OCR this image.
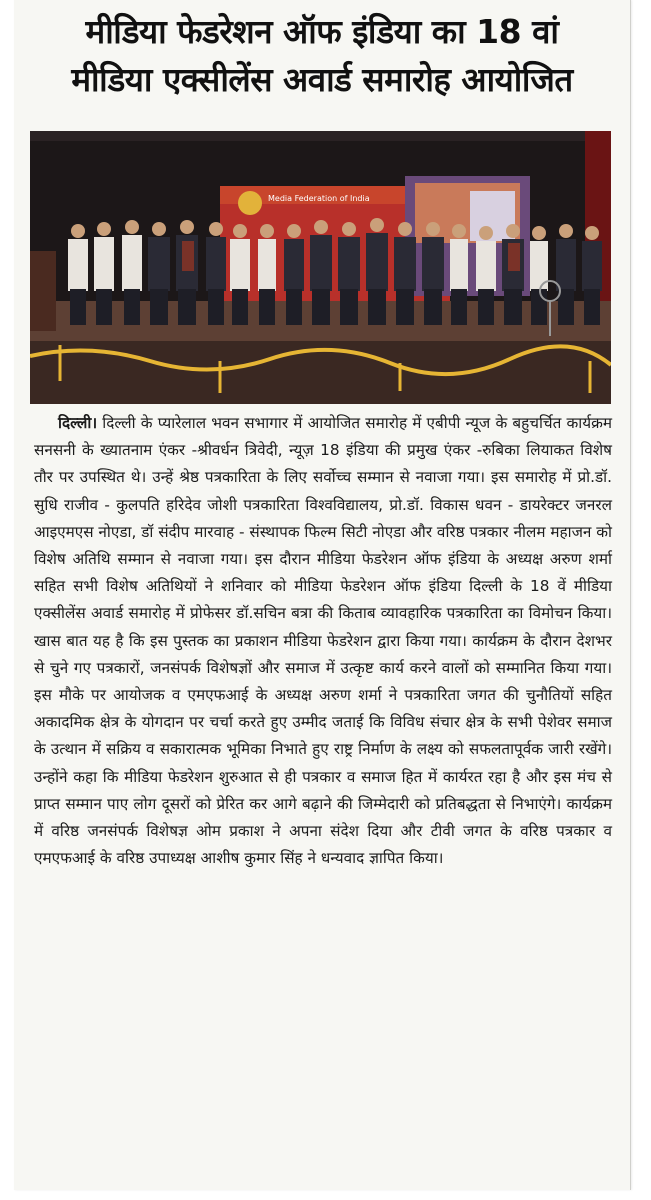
मीडिया फेडरेशन ऑफ इंडिया का 18 वां
मीडिया एक्सीलेंस अवार्ड समारोह आयोजित
Media Federation of India
दिल्ली। दिल्ली के प्यारेलाल भवन सभागार में आयोजित समारोह में एबीपी न्यूज के बहुचर्चित कार्यक्रम सनसनी के ख्यातनाम एंकर -श्रीवर्धन त्रिवेदी, न्यूज़ 18 इंडिया की प्रमुख एंकर -रुबिका लियाकत विशेष तौर पर उपस्थित थे। उन्हें श्रेष्ठ पत्रकारिता के लिए सर्वोच्च सम्मान से नवाजा गया। इस समारोह में प्रो.डॉ. सुधि राजीव - कुलपति हरिदेव जोशी पत्रकारिता विश्वविद्यालय, प्रो.डॉ. विकास धवन - डायरेक्टर जनरल आइएमएस नोएडा, डॉ संदीप मारवाह - संस्थापक फिल्म सिटी नोएडा और वरिष्ठ पत्रकार नीलम महाजन को विशेष अतिथि सम्मान से नवाजा गया। इस दौरान मीडिया फेडरेशन ऑफ इंडिया के अध्यक्ष अरुण शर्मा सहित सभी विशेष अतिथियों ने शनिवार को मीडिया फेडरेशन ऑफ इंडिया दिल्ली के 18 वें मीडिया एक्सीलेंस अवार्ड समारोह में प्रोफेसर डॉ.सचिन बत्रा की किताब व्यावहारिक पत्रकारिता का विमोचन किया। खास बात यह है कि इस पुस्तक का प्रकाशन मीडिया फेडरेशन द्वारा किया गया। कार्यक्रम के दौरान देशभर से चुने गए पत्रकारों, जनसंपर्क विशेषज्ञों और समाज में उत्कृष्ट कार्य करने वालों को सम्मानित किया गया। इस मौके पर आयोजक व एमएफआई के अध्यक्ष अरुण शर्मा ने पत्रकारिता जगत की चुनौतियों सहित अकादमिक क्षेत्र के योगदान पर चर्चा करते हुए उम्मीद जताई कि विविध संचार क्षेत्र के सभी पेशेवर समाज के उत्थान में सक्रिय व सकारात्मक भूमिका निभाते हुए राष्ट्र निर्माण के लक्ष्य को सफलतापूर्वक जारी रखेंगे। उन्होंने कहा कि मीडिया फेडरेशन शुरुआत से ही पत्रकार व समाज हित में कार्यरत रहा है और इस मंच से प्राप्त सम्मान पाए लोग दूसरों को प्रेरित कर आगे बढ़ाने की जिम्मेदारी को प्रतिबद्धता से निभाएंगे। कार्यक्रम में वरिष्ठ जनसंपर्क विशेषज्ञ ओम प्रकाश ने अपना संदेश दिया और टीवी जगत के वरिष्ठ पत्रकार व एमएफआई के वरिष्ठ उपाध्यक्ष आशीष कुमार सिंह ने धन्यवाद ज्ञापित किया।
